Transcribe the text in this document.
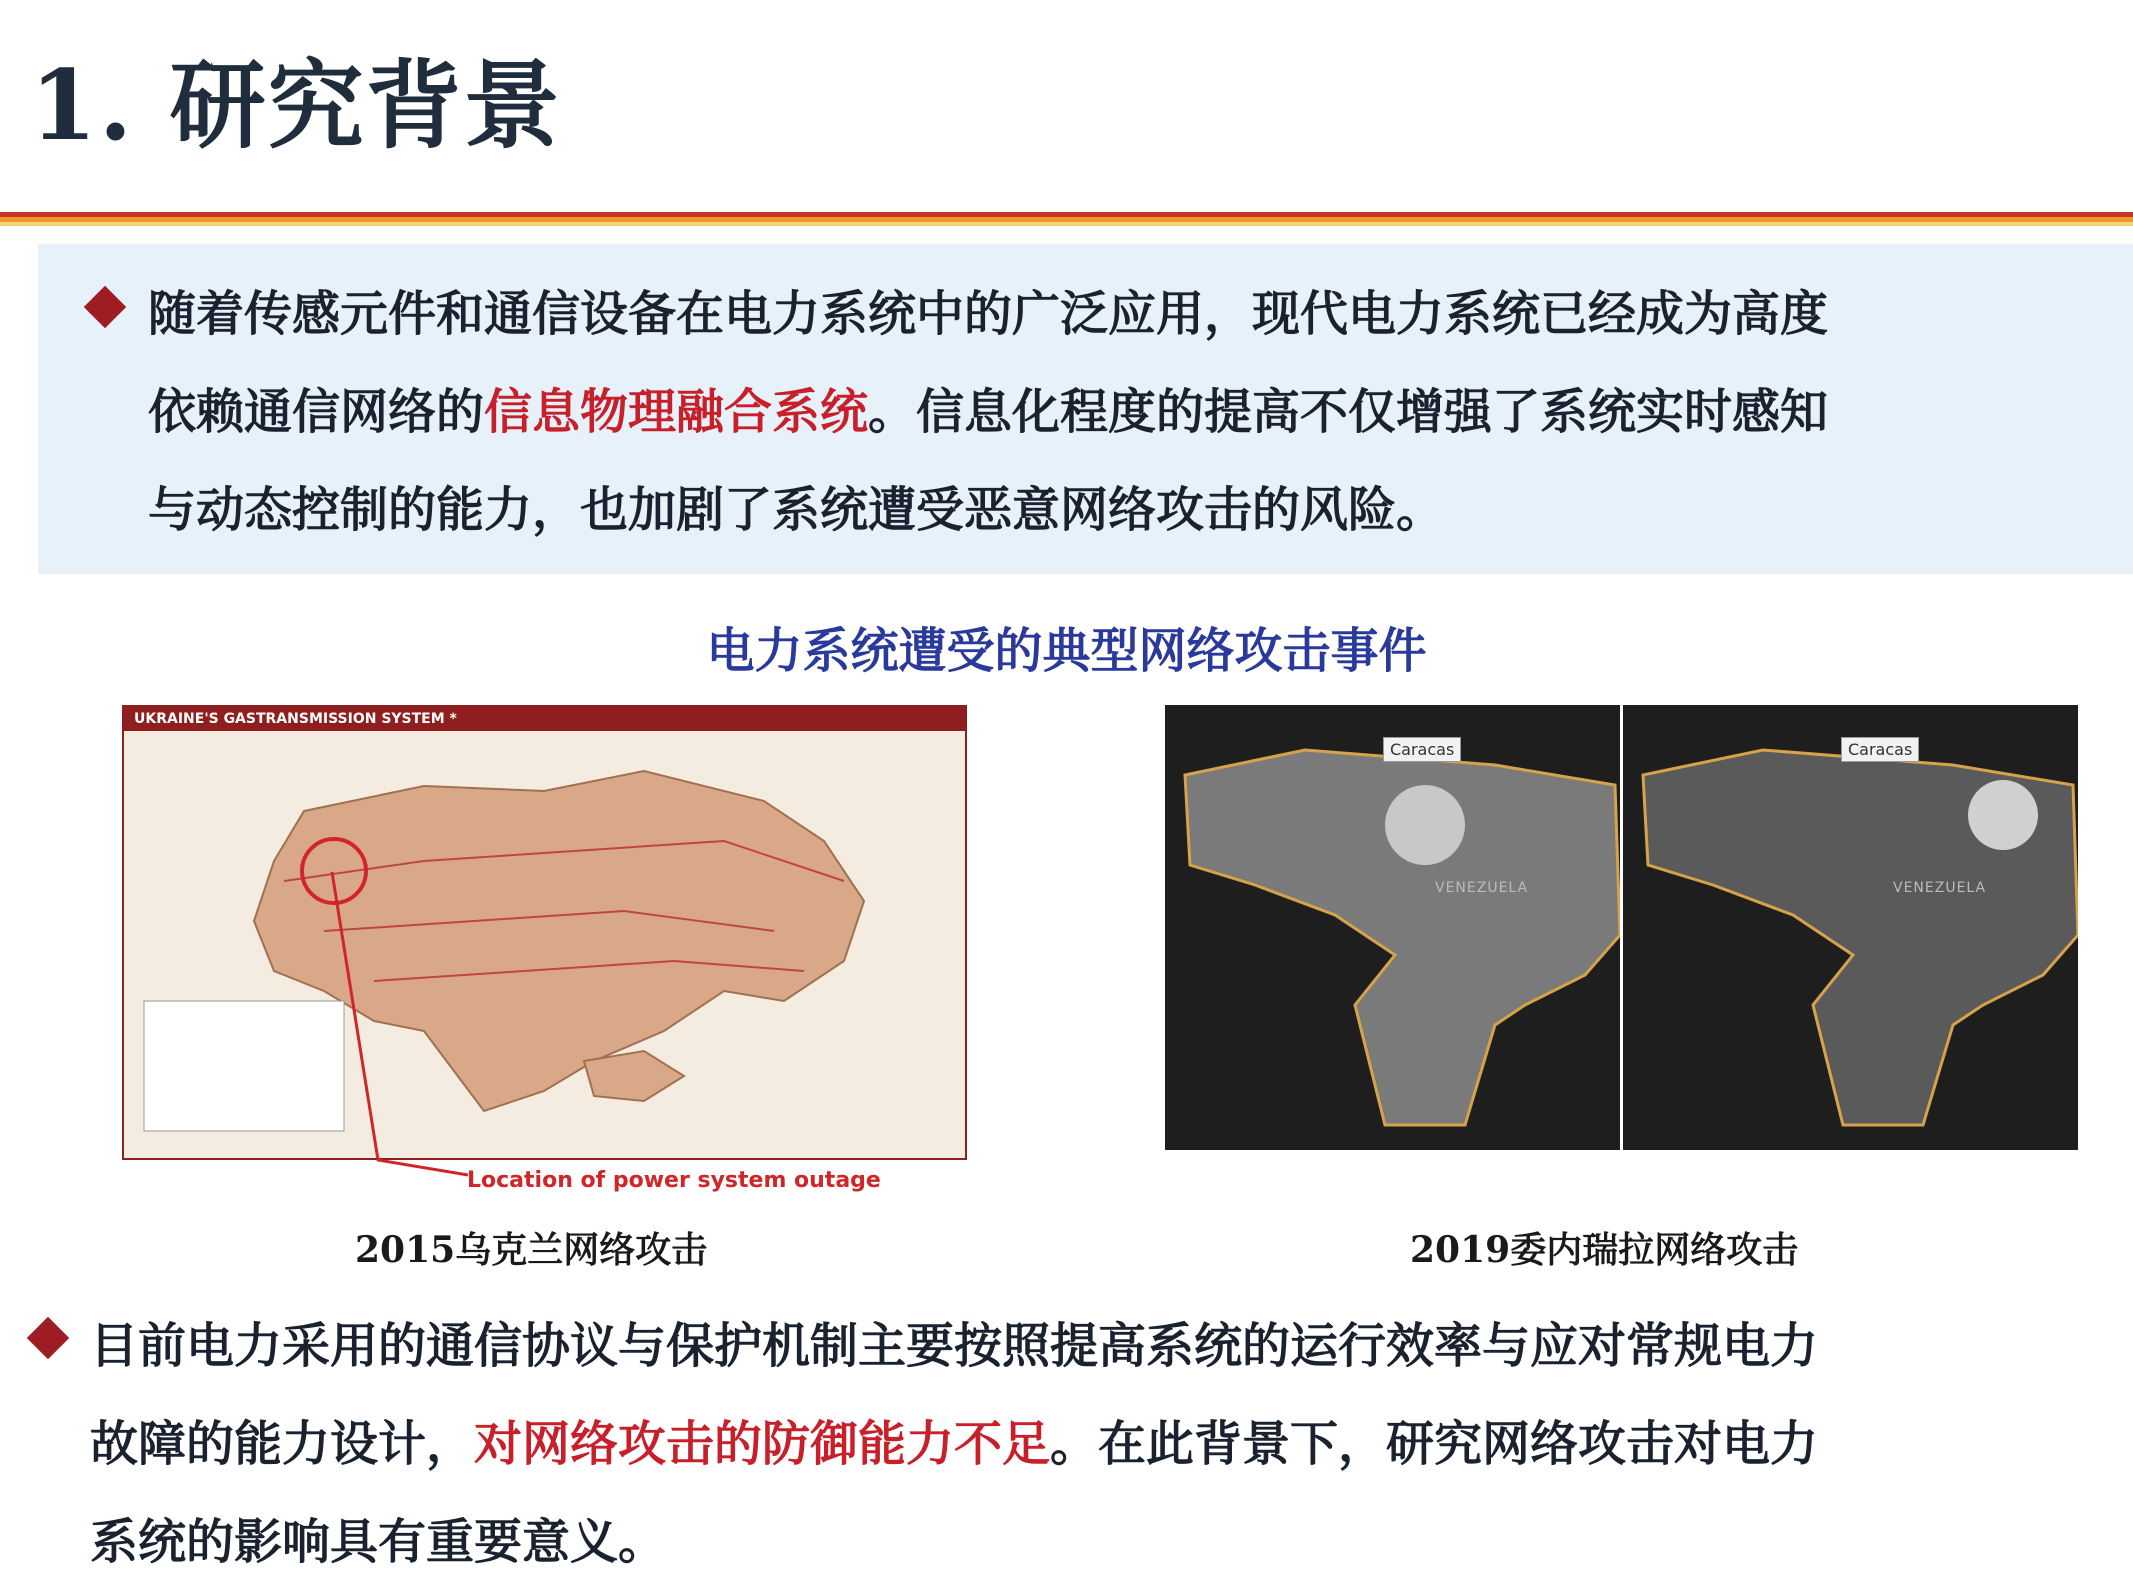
1. 研究背景
随着传感元件和通信设备在电力系统中的广泛应用，现代电力系统已经成为高度
依赖通信网络的信息物理融合系统。信息化程度的提高不仅增强了系统实时感知
与动态控制的能力，也加剧了系统遭受恶意网络攻击的风险。
电力系统遭受的典型网络攻击事件
UKRAINE'S GASTRANSMISSION SYSTEM *
Location of power system outage
2015乌克兰网络攻击
Caracas
VENEZUELA
Caracas
VENEZUELA
2019委内瑞拉网络攻击
目前电力采用的通信协议与保护机制主要按照提高系统的运行效率与应对常规电力
故障的能力设计，对网络攻击的防御能力不足。在此背景下，研究网络攻击对电力
系统的影响具有重要意义。
